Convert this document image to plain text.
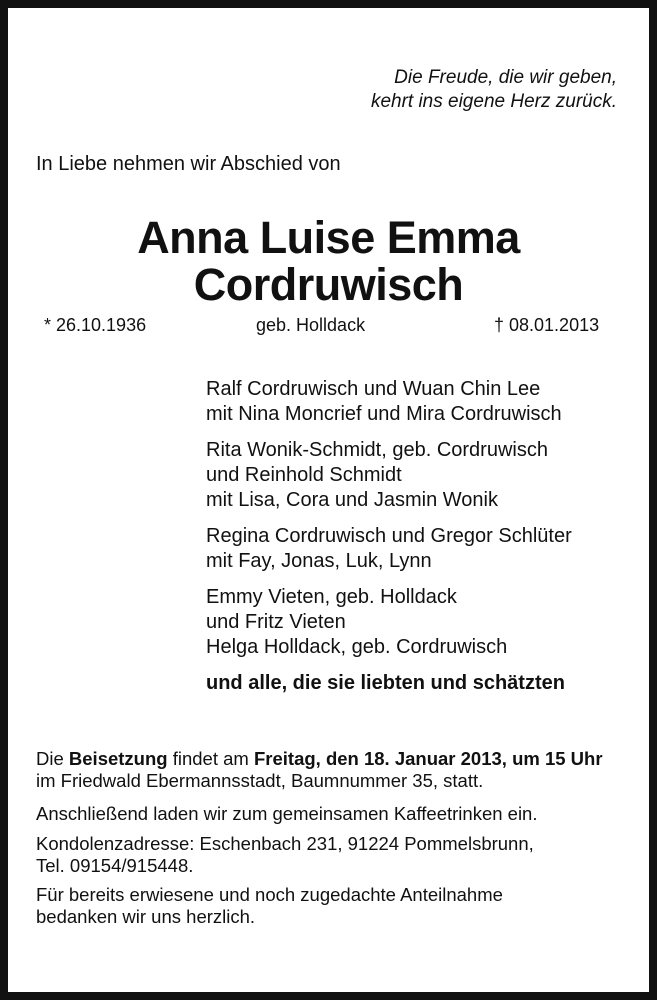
Die Freude, die wir geben,
kehrt ins eigene Herz zurück.
In Liebe nehmen wir Abschied von
Anna Luise Emma
Cordruwisch
* 26.10.1936	geb. Holldack	† 08.01.2013
Ralf Cordruwisch und Wuan Chin Lee
mit Nina Moncrief und Mira Cordruwisch
Rita Wonik-Schmidt, geb. Cordruwisch
und Reinhold Schmidt
mit Lisa, Cora und Jasmin Wonik
Regina Cordruwisch und Gregor Schlüter
mit Fay, Jonas, Luk, Lynn
Emmy Vieten, geb. Holldack
und Fritz Vieten
Helga Holldack, geb. Cordruwisch
und alle, die sie liebten und schätzten
Die Beisetzung findet am Freitag, den 18. Januar 2013, um 15 Uhr im Friedwald Ebermannsstadt, Baumnummer 35, statt.
Anschließend laden wir zum gemeinsamen Kaffeetrinken ein.
Kondolenzadresse: Eschenbach 231, 91224 Pommelsbrunn,
Tel. 09154/915448.
Für bereits erwiesene und noch zugedachte Anteilnahme
bedanken wir uns herzlich.
